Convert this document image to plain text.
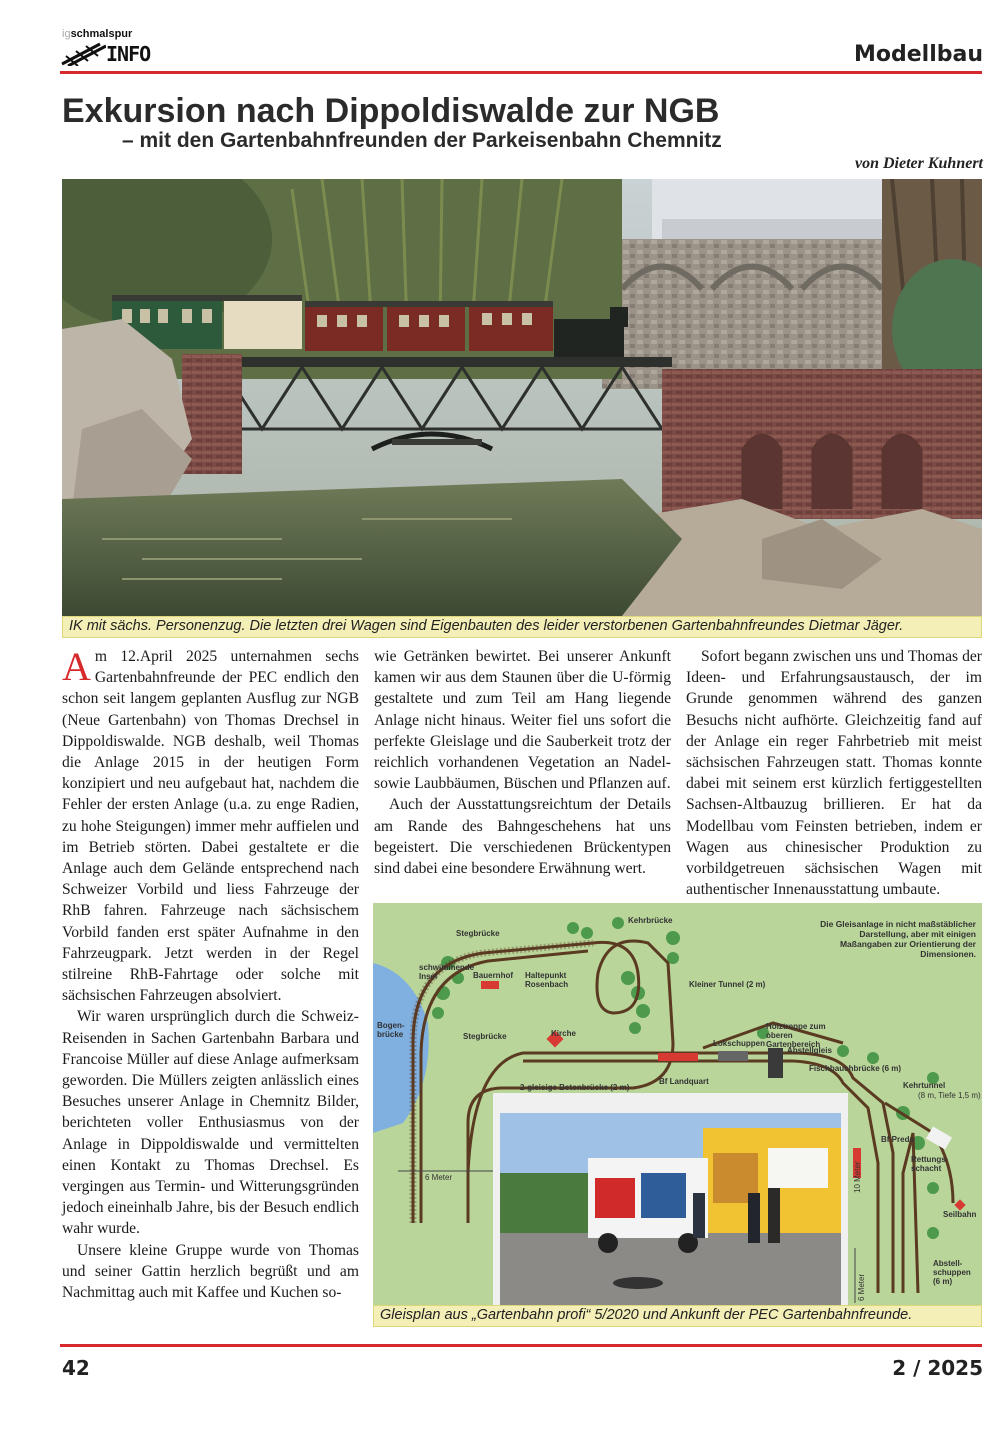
igschmalspur
INFO	Modellbau
Exkursion nach Dippoldiswalde zur NGB
– mit den Gartenbahnfreunden der Parkeisenbahn Chemnitz
von Dieter Kuhnert
IK mit sächs. Personenzug. Die letzten drei Wagen sind Eigenbauten des leider verstorbenen Gartenbahnfreundes Dietmar Jäger.

Am 12.April 2025 unternahmen sechs Gartenbahnfreunde der PEC endlich den schon seit langem geplanten Ausflug zur NGB (Neue Gartenbahn) von Thomas Drechsel in Dippoldiswalde. NGB deshalb, weil Thomas die Anlage 2015 in der heutigen Form konzipiert und neu aufgebaut hat, nachdem die Fehler der ersten Anlage (u.a. zu enge Radien, zu hohe Steigungen) immer mehr auffielen und im Betrieb störten. Dabei gestaltete er die Anlage auch dem Gelände entsprechend nach Schweizer Vorbild und liess Fahrzeuge der RhB fahren. Fahrzeuge nach sächsischem Vorbild fanden erst später Aufnahme in den Fahrzeugpark. Jetzt werden in der Regel stilreine RhB-Fahrtage oder solche mit sächsischen Fahrzeugen absolviert.

Wir waren ursprünglich durch die Schweiz-Reisenden in Sachen Gartenbahn Barbara und Francoise Müller auf diese Anlage aufmerksam geworden. Die Müllers zeigten anlässlich eines Besuches unserer Anlage in Chemnitz Bilder, berichteten voller Enthusiasmus von der Anlage in Dippoldiswalde und vermittelten einen Kontakt zu Thomas Drechsel. Es vergingen aus Termin- und Witterungsgründen jedoch eineinhalb Jahre, bis der Besuch endlich wahr wurde.

Unsere kleine Gruppe wurde von Thomas und seiner Gattin herzlich begrüßt und am Nachmittag auch mit Kaffee und Kuchen so-

wie Getränken bewirtet. Bei unserer Ankunft kamen wir aus dem Staunen über die U-förmig gestaltete und zum Teil am Hang liegende Anlage nicht hinaus. Weiter fiel uns sofort die perfekte Gleislage und die Sauberkeit trotz der reichlich vorhandenen Vegetation an Nadel- sowie Laubbäumen, Büschen und Pflanzen auf.

Auch der Ausstattungsreichtum der Details am Rande des Bahngeschehens hat uns begeistert. Die verschiedenen Brückentypen sind dabei eine besondere Erwähnung wert.

Sofort begann zwischen uns und Thomas der Ideen- und Erfahrungsaustausch, der im Grunde genommen während des ganzen Besuchs nicht aufhörte. Gleichzeitig fand auf der Anlage ein reger Fahrbetrieb mit meist sächsischen Fahrzeugen statt. Thomas konnte dabei mit seinem erst kürzlich fertiggestellten Sachsen-Altbauzug brillieren. Er hat da Modellbau vom Feinsten betrieben, indem er Wagen aus chinesischer Produktion zu vorbildgetreuen sächsischen Wagen mit authentischer Innenausstattung umbaute.

Kehrbrücke
Stegbrücke
schwimmende Insel	Bauernhof Haltepunkt Rosenbach	Kleiner Tunnel (2 m)
Bogen-brücke	Stegbrücke	Kirche
Holztreppe zum oberen Gartenbereich
Lokschuppen
Abstellgleis
Fischbauchbrücke (6 m)
2-gleisige Betonbrücke (2 m)
Bf Landquart	Kehrtunnel
(8 m, Tiefe 1,5 m)
Bf Preda
Rettungs-schacht
6 Meter	10 Meter
6 Meter
Seilbahn
Abstell-schuppen (6 m)
Die Gleisanlage in nicht maßstäblicher Darstellung, aber mit einigen Maßangaben zur Orientierung der Dimensionen.
Gleisplan aus „Gartenbahn profi“ 5/2020 und Ankunft der PEC Gartenbahnfreunde.
42	2 / 2025
